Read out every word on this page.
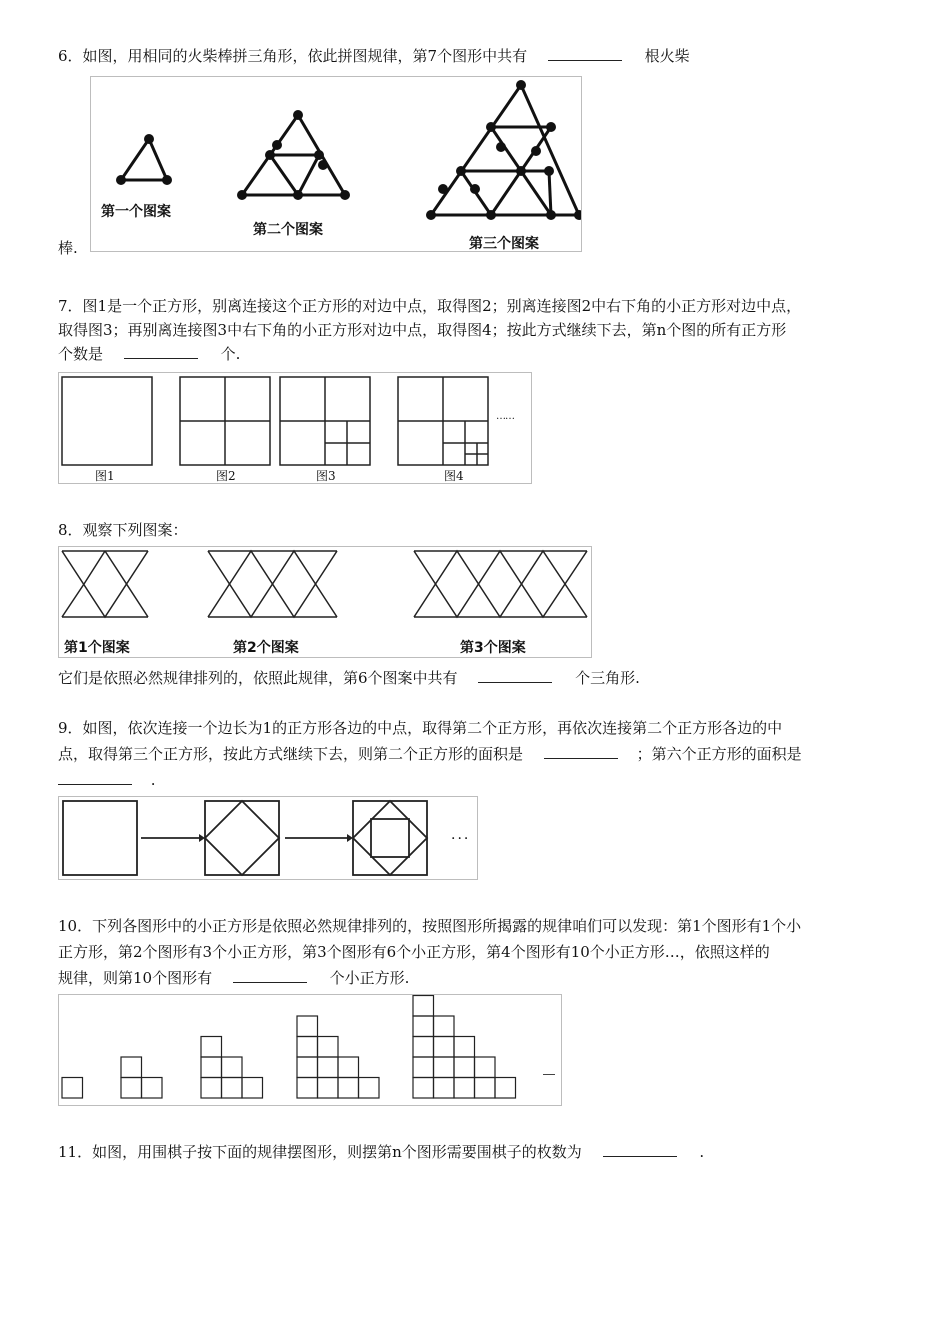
6．如图，用相同的火柴棒拼三角形，依此拼图规律，第7个图形中共有	根火柴
棒.
第一个图案
第二个图案
第三个图案
7．图1是一个正方形，别离连接这个正方形的对边中点，取得图2；别离连接图2中右下角的小正方形对边中点，
取得图3；再别离连接图3中右下角的小正方形对边中点，取得图4；按此方式继续下去，第n个图的所有正方形
个数是	个.
图1	图2	图3	图4
……
8．观察下列图案：
第1个图案	第2个图案	第3个图案
它们是依照必然规律排列的，依照此规律，第6个图案中共有	个三角形.
9．如图，依次连接一个边长为1的正方形各边的中点，取得第二个正方形，再依次连接第二个正方形各边的中
点，取得第三个正方形，按此方式继续下去，则第二个正方形的面积是	；第六个正方形的面积是
.
···
10．下列各图形中的小正方形是依照必然规律排列的，按照图形所揭露的规律咱们可以发现：第1个图形有1个小
正方形，第2个图形有3个小正方形，第3个图形有6个小正方形，第4个图形有10个小正方形…，依照这样的
规律，则第10个图形有	个小正方形.
11．如图，用围棋子按下面的规律摆图形，则摆第n个图形需要围棋子的枚数为	.
